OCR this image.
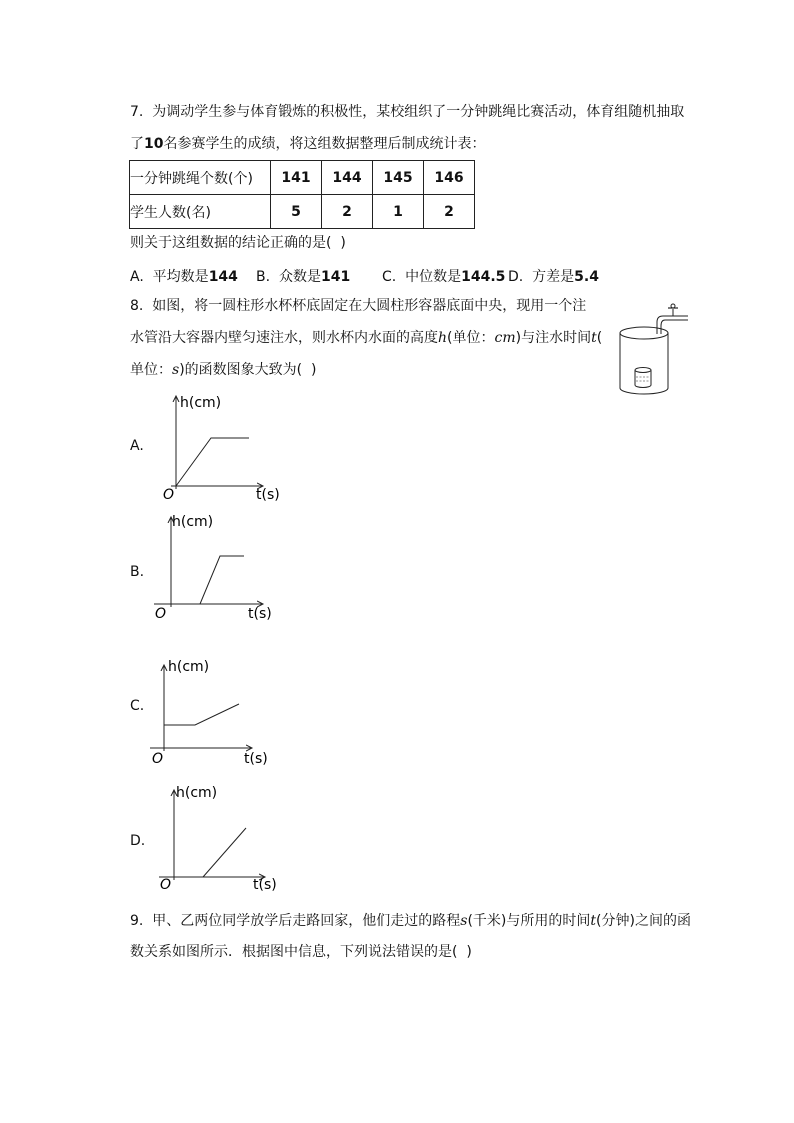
7.  为调动学生参与体育锻炼的积极性，某校组织了一分钟跳绳比赛活动，体育组随机抽取
了10名参赛学生的成绩，将这组数据整理后制成统计表：
一分钟跳绳个数(个)	141	144	145	146
学生人数(名)	5	2	1	2
则关于这组数据的结论正确的是(  )
A.  平均数是144 B.  众数是141 C.  中位数是144.5 D.  方差是5.4
8.  如图，将一圆柱形水杯杯底固定在大圆柱形容器底面中央，现用一个注
水管沿大容器内壁匀速注水，则水杯内水面的高度h(单位：cm)与注水时间t(
单位：s)的函数图象大致为(  )
A.
h(cm)
t(s)
O
B.
h(cm)
t(s)
O
C.
h(cm)
t(s)
O
D.
h(cm)
t(s)
O
9.  甲、乙两位同学放学后走路回家，他们走过的路程s(千米)与所用的时间t(分钟)之间的函
数关系如图所示．根据图中信息，下列说法错误的是(  )
